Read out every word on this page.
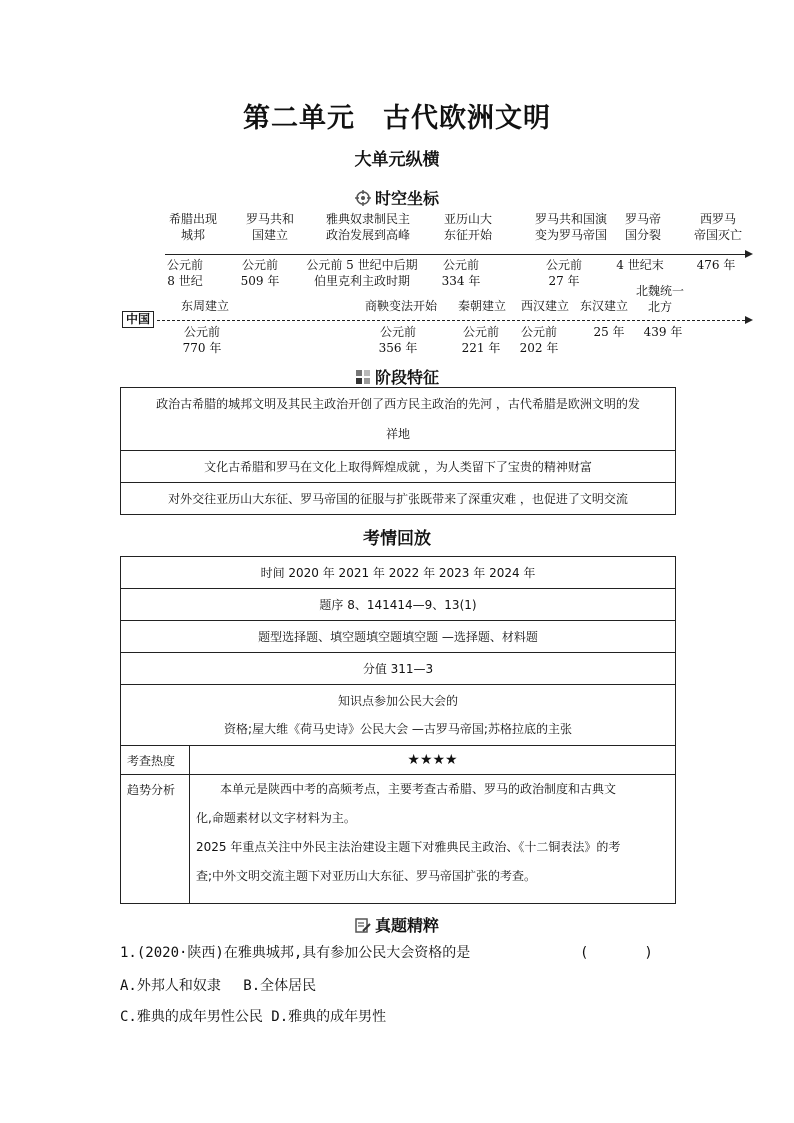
第二单元　古代欧洲文明
大单元纵横
时空坐标
希腊出现
城邦
公元前
8 世纪
罗马共和
国建立
公元前
509 年
雅典奴隶制民主
政治发展到高峰
公元前 5 世纪中后期
伯里克利主政时期
亚历山大
东征开始
公元前
334 年
罗马共和国演
变为罗马帝国
公元前
27 年
罗马帝
国分裂
4 世纪末
西罗马
帝国灭亡
476 年
中国
东周建立
公元前
770 年
商鞅变法开始
公元前
356 年
秦朝建立
公元前
221 年
西汉建立
公元前
202 年
东汉建立
25 年
北魏统一
北方
439 年
阶段特征
政治古希腊的城邦文明及其民主政治开创了西方民主政治的先河 ，古代希腊是欧洲文明的发
祥地
文化古希腊和罗马在文化上取得辉煌成就 ，为人类留下了宝贵的精神财富
对外交往亚历山大东征、罗马帝国的征服与扩张既带来了深重灾难 ，也促进了文明交流
考情回放
时间 2020 年 2021 年 2022 年 2023 年 2024 年	
题序 8、141414—9、13(1)	
题型选择题、填空题填空题填空题 —选择题、材料题	
分值 311—3	
知识点参加公民大会的
资格;屋大维《荷马史诗》公民大会 —古罗马帝国;苏格拉底的主张	
考查热度	★★★★
趋势分析	本单元是陕西中考的高频考点，主要考查古希腊、罗马的政治制度和古典文
化,命题素材以文字材料为主。
2025 年重点关注中外民主法治建设主题下对雅典民主政治、《十二铜表法》的考
查;中外文明交流主题下对亚历山大东征、罗马帝国扩张的考查。
真题精粹
1.(2020·陕西)在雅典城邦,具有参加公民大会资格的是	(　　　　)
A.外邦人和奴隶　 B.全体居民
C.雅典的成年男性公民 D.雅典的成年男性
